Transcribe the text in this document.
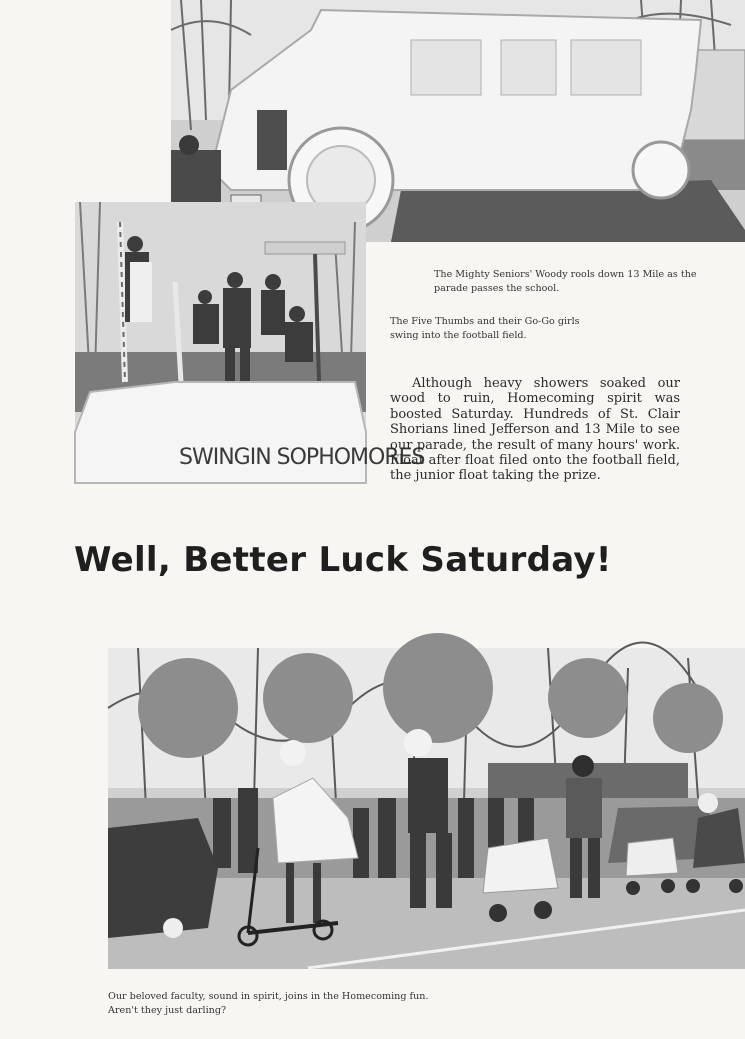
SWINGIN SOPHOMORES

The Mighty Seniors' Woody rools down 13 Mile as the parade passes the school.

The Five Thumbs and their Go-Go girls swing into the football field.

Although heavy showers soaked our wood to ruin, Homecoming spirit was boosted Saturday. Hundreds of St. Clair Shorians lined Jefferson and 13 Mile to see our parade, the result of many hours' work. Float after float filed onto the football field, the junior float taking the prize.

Well, Better Luck Saturday!

Our beloved faculty, sound in spirit, joins in the Homecoming fun. Aren't they just darling?
